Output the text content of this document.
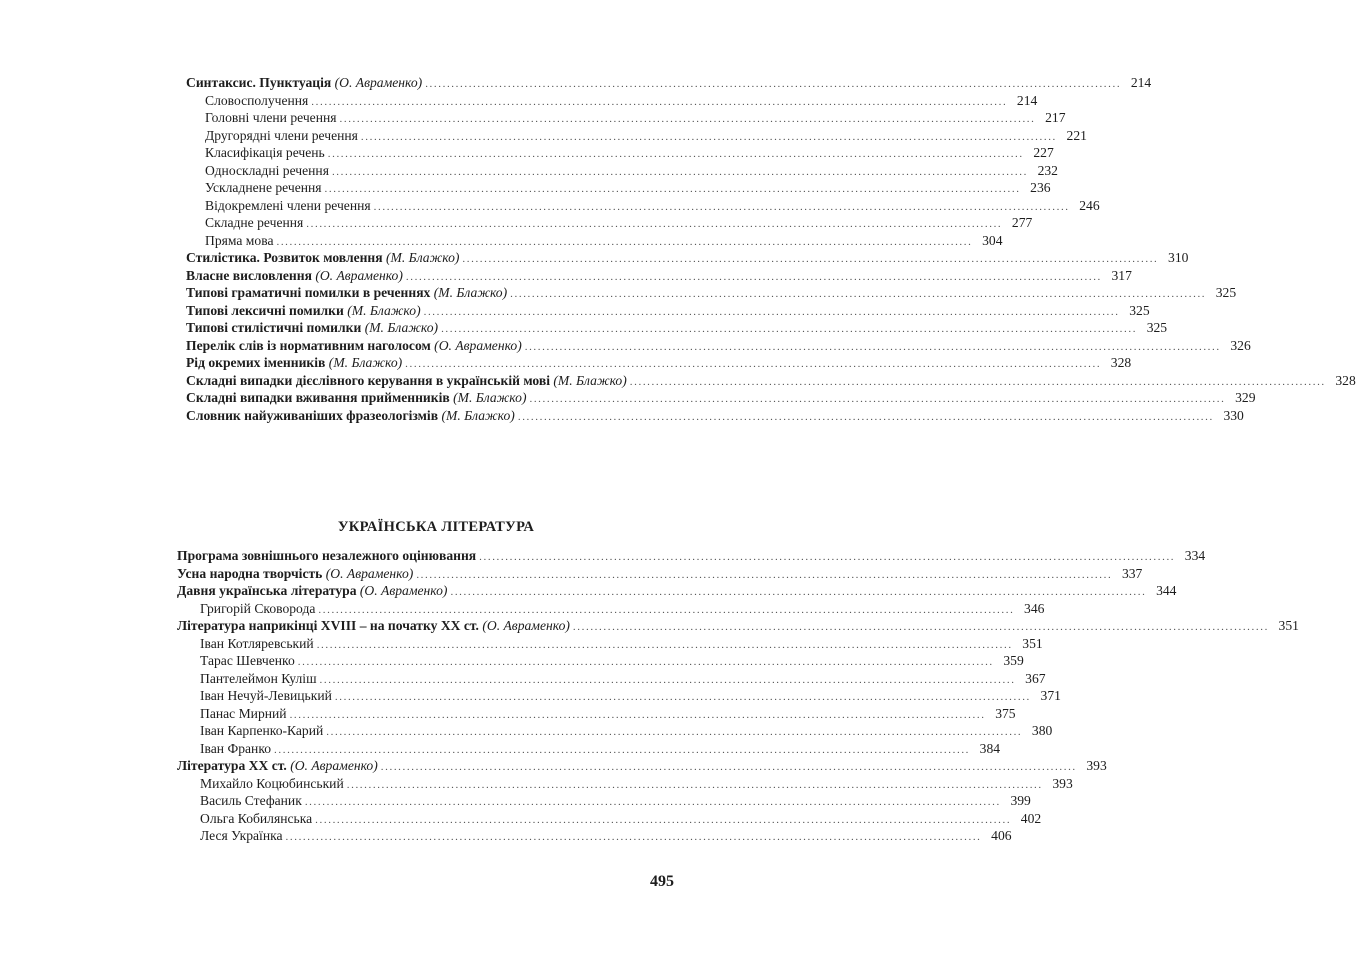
Синтаксис. Пунктуація (О. Авраменко) ................................................................................................................................................................ 214
Словосполучення ................................................................................................................................................................ 214
Головні члени речення ................................................................................................................................................................ 217
Другорядні члени речення ................................................................................................................................................................ 221
Класифікація речень ................................................................................................................................................................ 227
Односкладні речення ................................................................................................................................................................ 232
Ускладнене речення ................................................................................................................................................................ 236
Відокремлені члени речення ................................................................................................................................................................ 246
Складне речення ................................................................................................................................................................ 277
Пряма мова ................................................................................................................................................................ 304
Стилістика. Розвиток мовлення (М. Блажко) ................................................................................................................................................................ 310
Власне висловлення (О. Авраменко) ................................................................................................................................................................ 317
Типові граматичні помилки в реченнях (М. Блажко) ................................................................................................................................................................ 325
Типові лексичні помилки (М. Блажко) ................................................................................................................................................................ 325
Типові стилістичні помилки (М. Блажко) ................................................................................................................................................................ 325
Перелік слів із нормативним наголосом (О. Авраменко) ................................................................................................................................................................ 326
Рід окремих іменників (М. Блажко) ................................................................................................................................................................ 328
Складні випадки дієслівного керування в українській мові (М. Блажко) ................................................................................................................................................................ 328
Складні випадки вживання прийменників (М. Блажко) ................................................................................................................................................................ 329
Словник найуживаніших фразеологізмів (М. Блажко) ................................................................................................................................................................ 330
УКРАЇНСЬКА ЛІТЕРАТУРА
Програма зовнішнього незалежного оцінювання ................................................................................................................................................................ 334
Усна народна творчість (О. Авраменко) ................................................................................................................................................................ 337
Давня українська література (О. Авраменко) ................................................................................................................................................................ 344
Григорій Сковорода ................................................................................................................................................................ 346
Література наприкінці XVIII – на початку XX ст. (О. Авраменко) ................................................................................................................................................................ 351
Іван Котляревський ................................................................................................................................................................ 351
Тарас Шевченко ................................................................................................................................................................ 359
Пантелеймон Куліш ................................................................................................................................................................ 367
Іван Нечуй-Левицький ................................................................................................................................................................ 371
Панас Мирний ................................................................................................................................................................ 375
Іван Карпенко-Карий ................................................................................................................................................................ 380
Іван Франко ................................................................................................................................................................ 384
Література XX ст. (О. Авраменко) ................................................................................................................................................................ 393
Михайло Коцюбинський ................................................................................................................................................................ 393
Василь Стефаник ................................................................................................................................................................ 399
Ольга Кобилянська ................................................................................................................................................................ 402
Леся Українка ................................................................................................................................................................ 406
495
